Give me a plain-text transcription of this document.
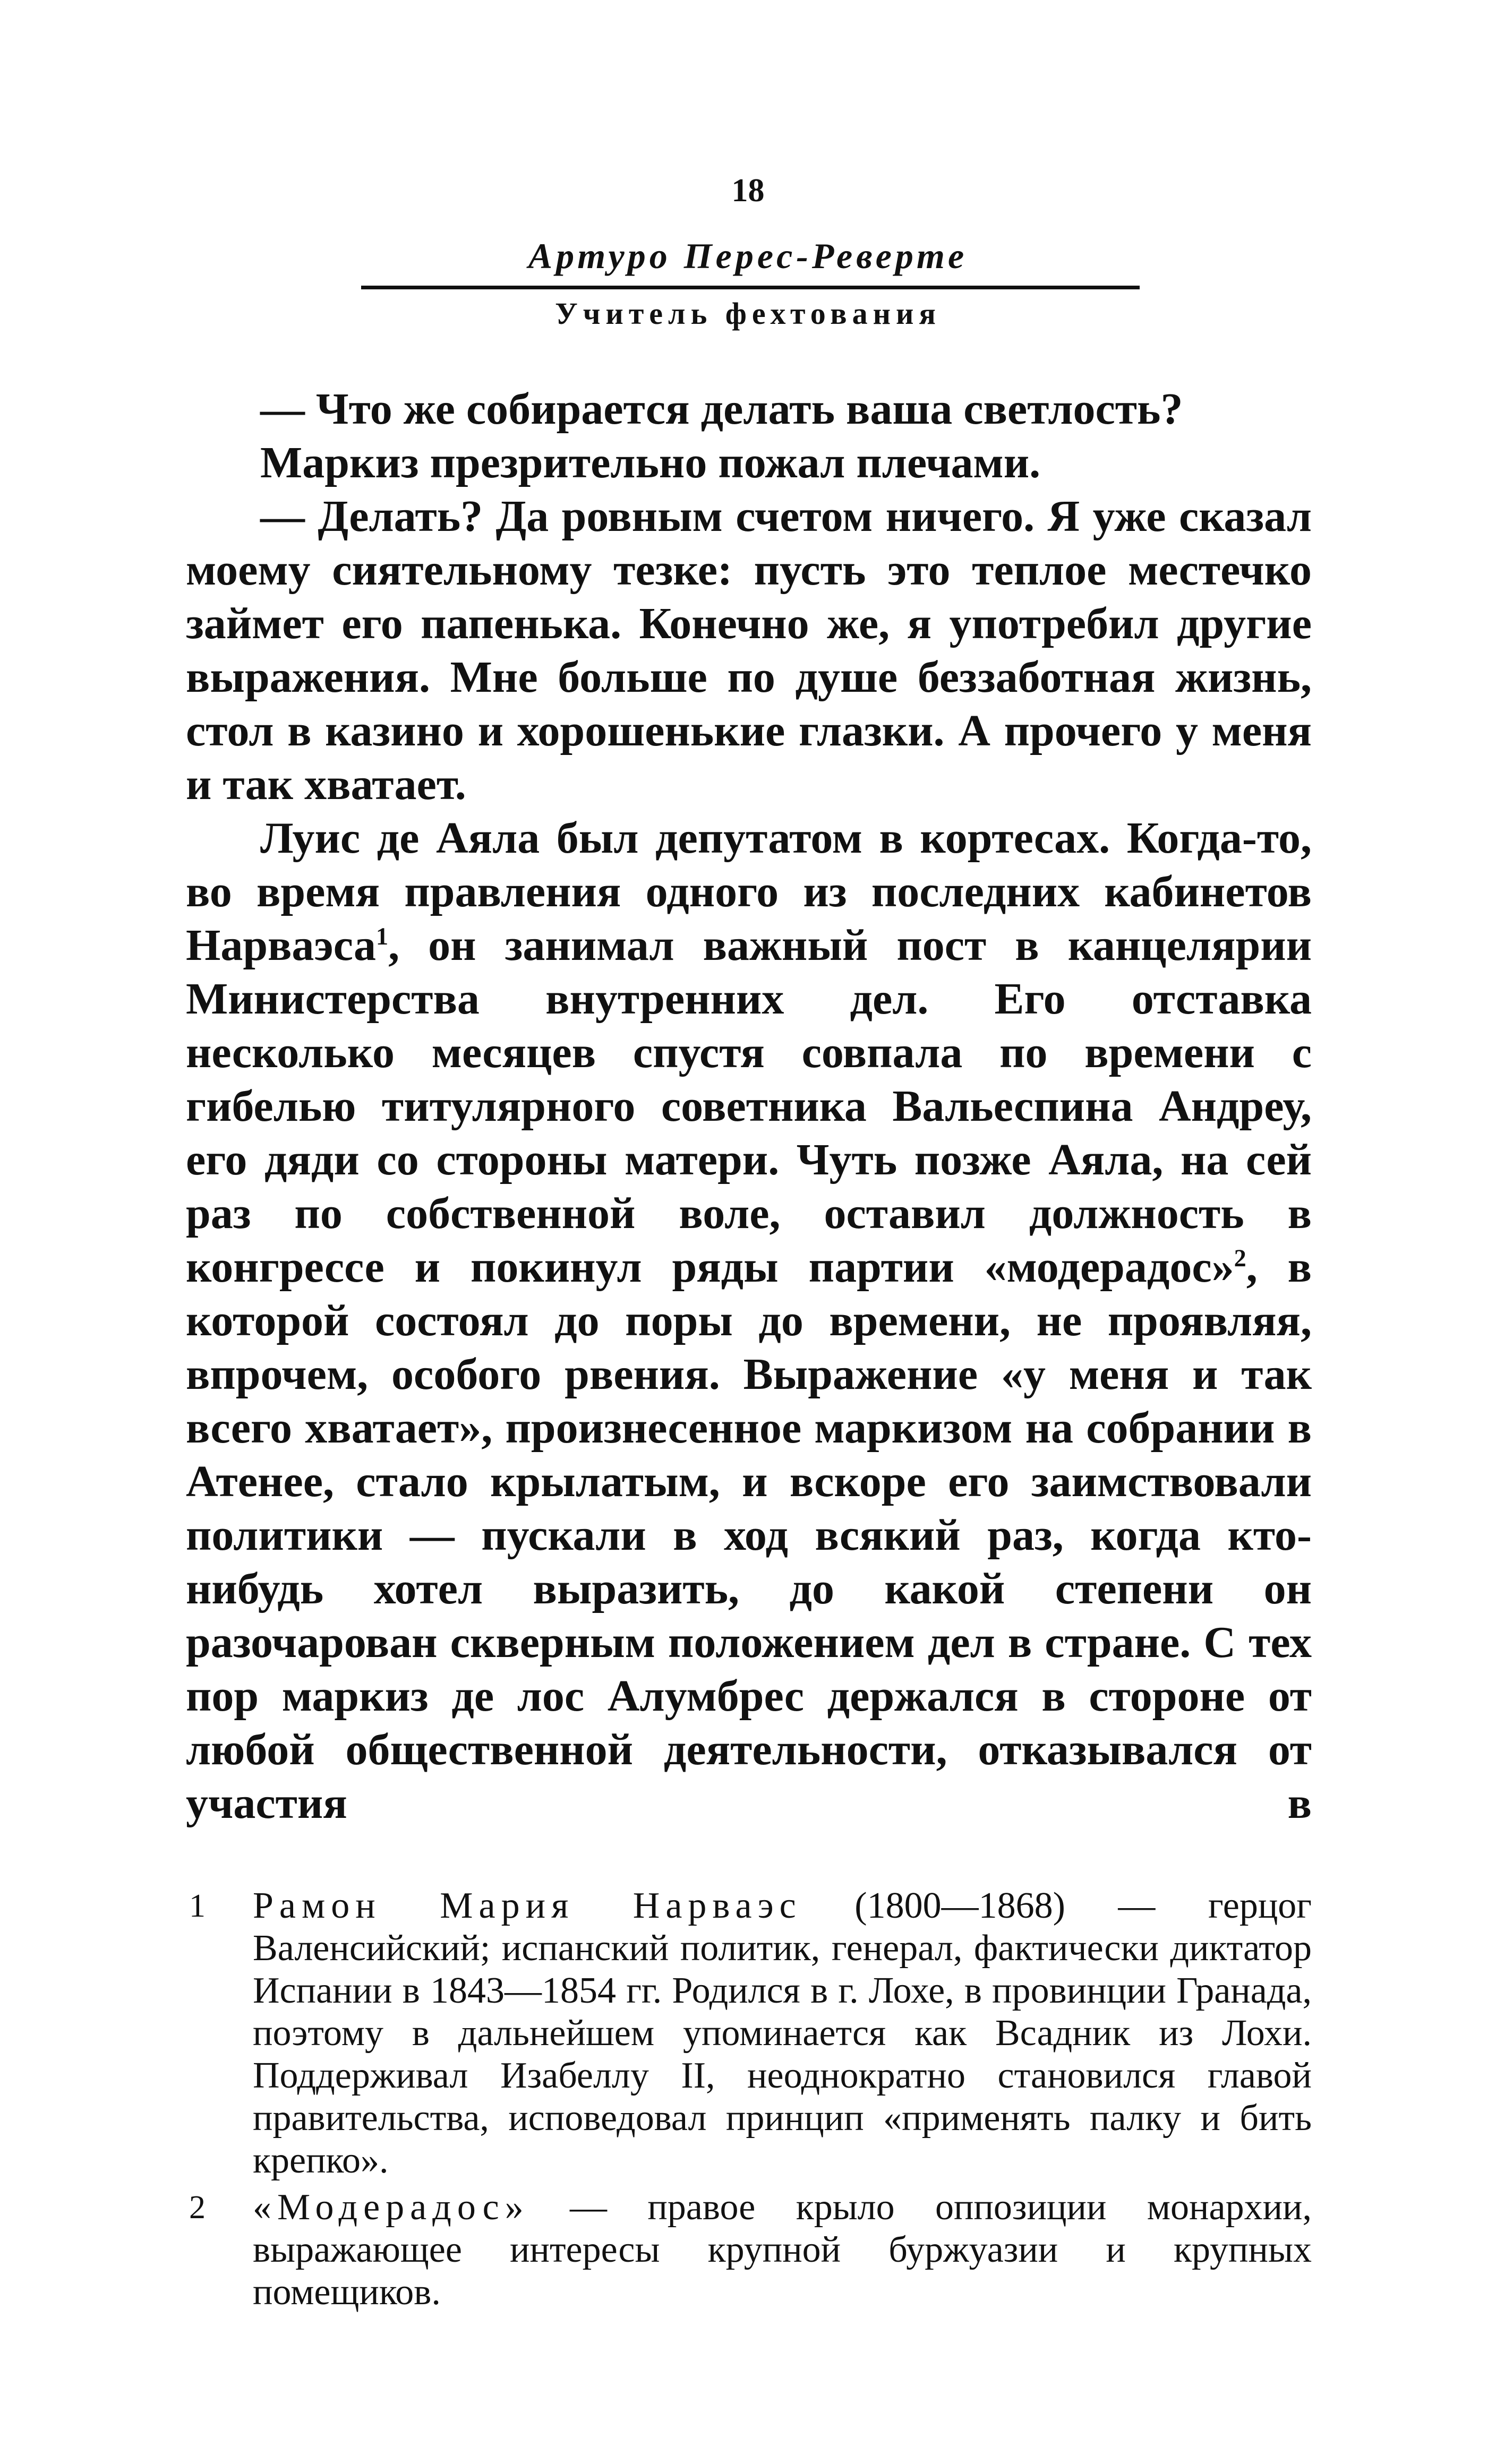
18
Артуро Перес-Реверте
Учитель фехтования

— Что же собирается делать ваша светлость?

Маркиз презрительно пожал плечами.

— Делать? Да ровным счетом ничего. Я уже сказал моему сиятельному тезке: пусть это теплое местечко займет его папенька. Конечно же, я употребил другие выражения. Мне больше по душе беззаботная жизнь, стол в казино и хорошенькие глазки. А прочего у меня и так хватает.

Луис де Аяла был депутатом в кортесах. Когда-то, во время правления одного из последних кабинетов Нарваэса$^1$, он занимал важный пост в канцелярии Министерства внутренних дел. Его отставка несколько месяцев спустя совпала по времени с гибелью титулярного советника Вальеспина Андреу, его дяди со стороны матери. Чуть позже Аяла, на сей раз по собственной воле, оставил должность в конгрессе и покинул ряды партии «модерадос»$^2$, в которой состоял до поры до времени, не проявляя, впрочем, особого рвения. Выражение «у меня и так всего хватает», произнесенное маркизом на собрании в Атенее, стало крылатым, и вскоре его заимствовали политики — пускали в ход всякий раз, когда кто-нибудь хотел выразить, до какой степени он разочарован скверным положением дел в стране. С тех пор маркиз де лос Алумбрес держался в стороне от любой общественной деятельности, отказывался от участия в

1	Рамон Мария Нарваэс (1800—1868) — герцог Валенсийский; испанский политик, генерал, фактически диктатор Испании в 1843—1854 гг. Родился в г. Лохе, в провинции Гранада, поэтому в дальнейшем упоминается как Всадник из Лохи. Поддерживал Изабеллу II, неоднократно становился главой правительства, исповедовал принцип «применять палку и бить крепко».
2	«Модерадос» — правое крыло оппозиции монархии, выражающее интересы крупной буржуазии и крупных помещиков.
